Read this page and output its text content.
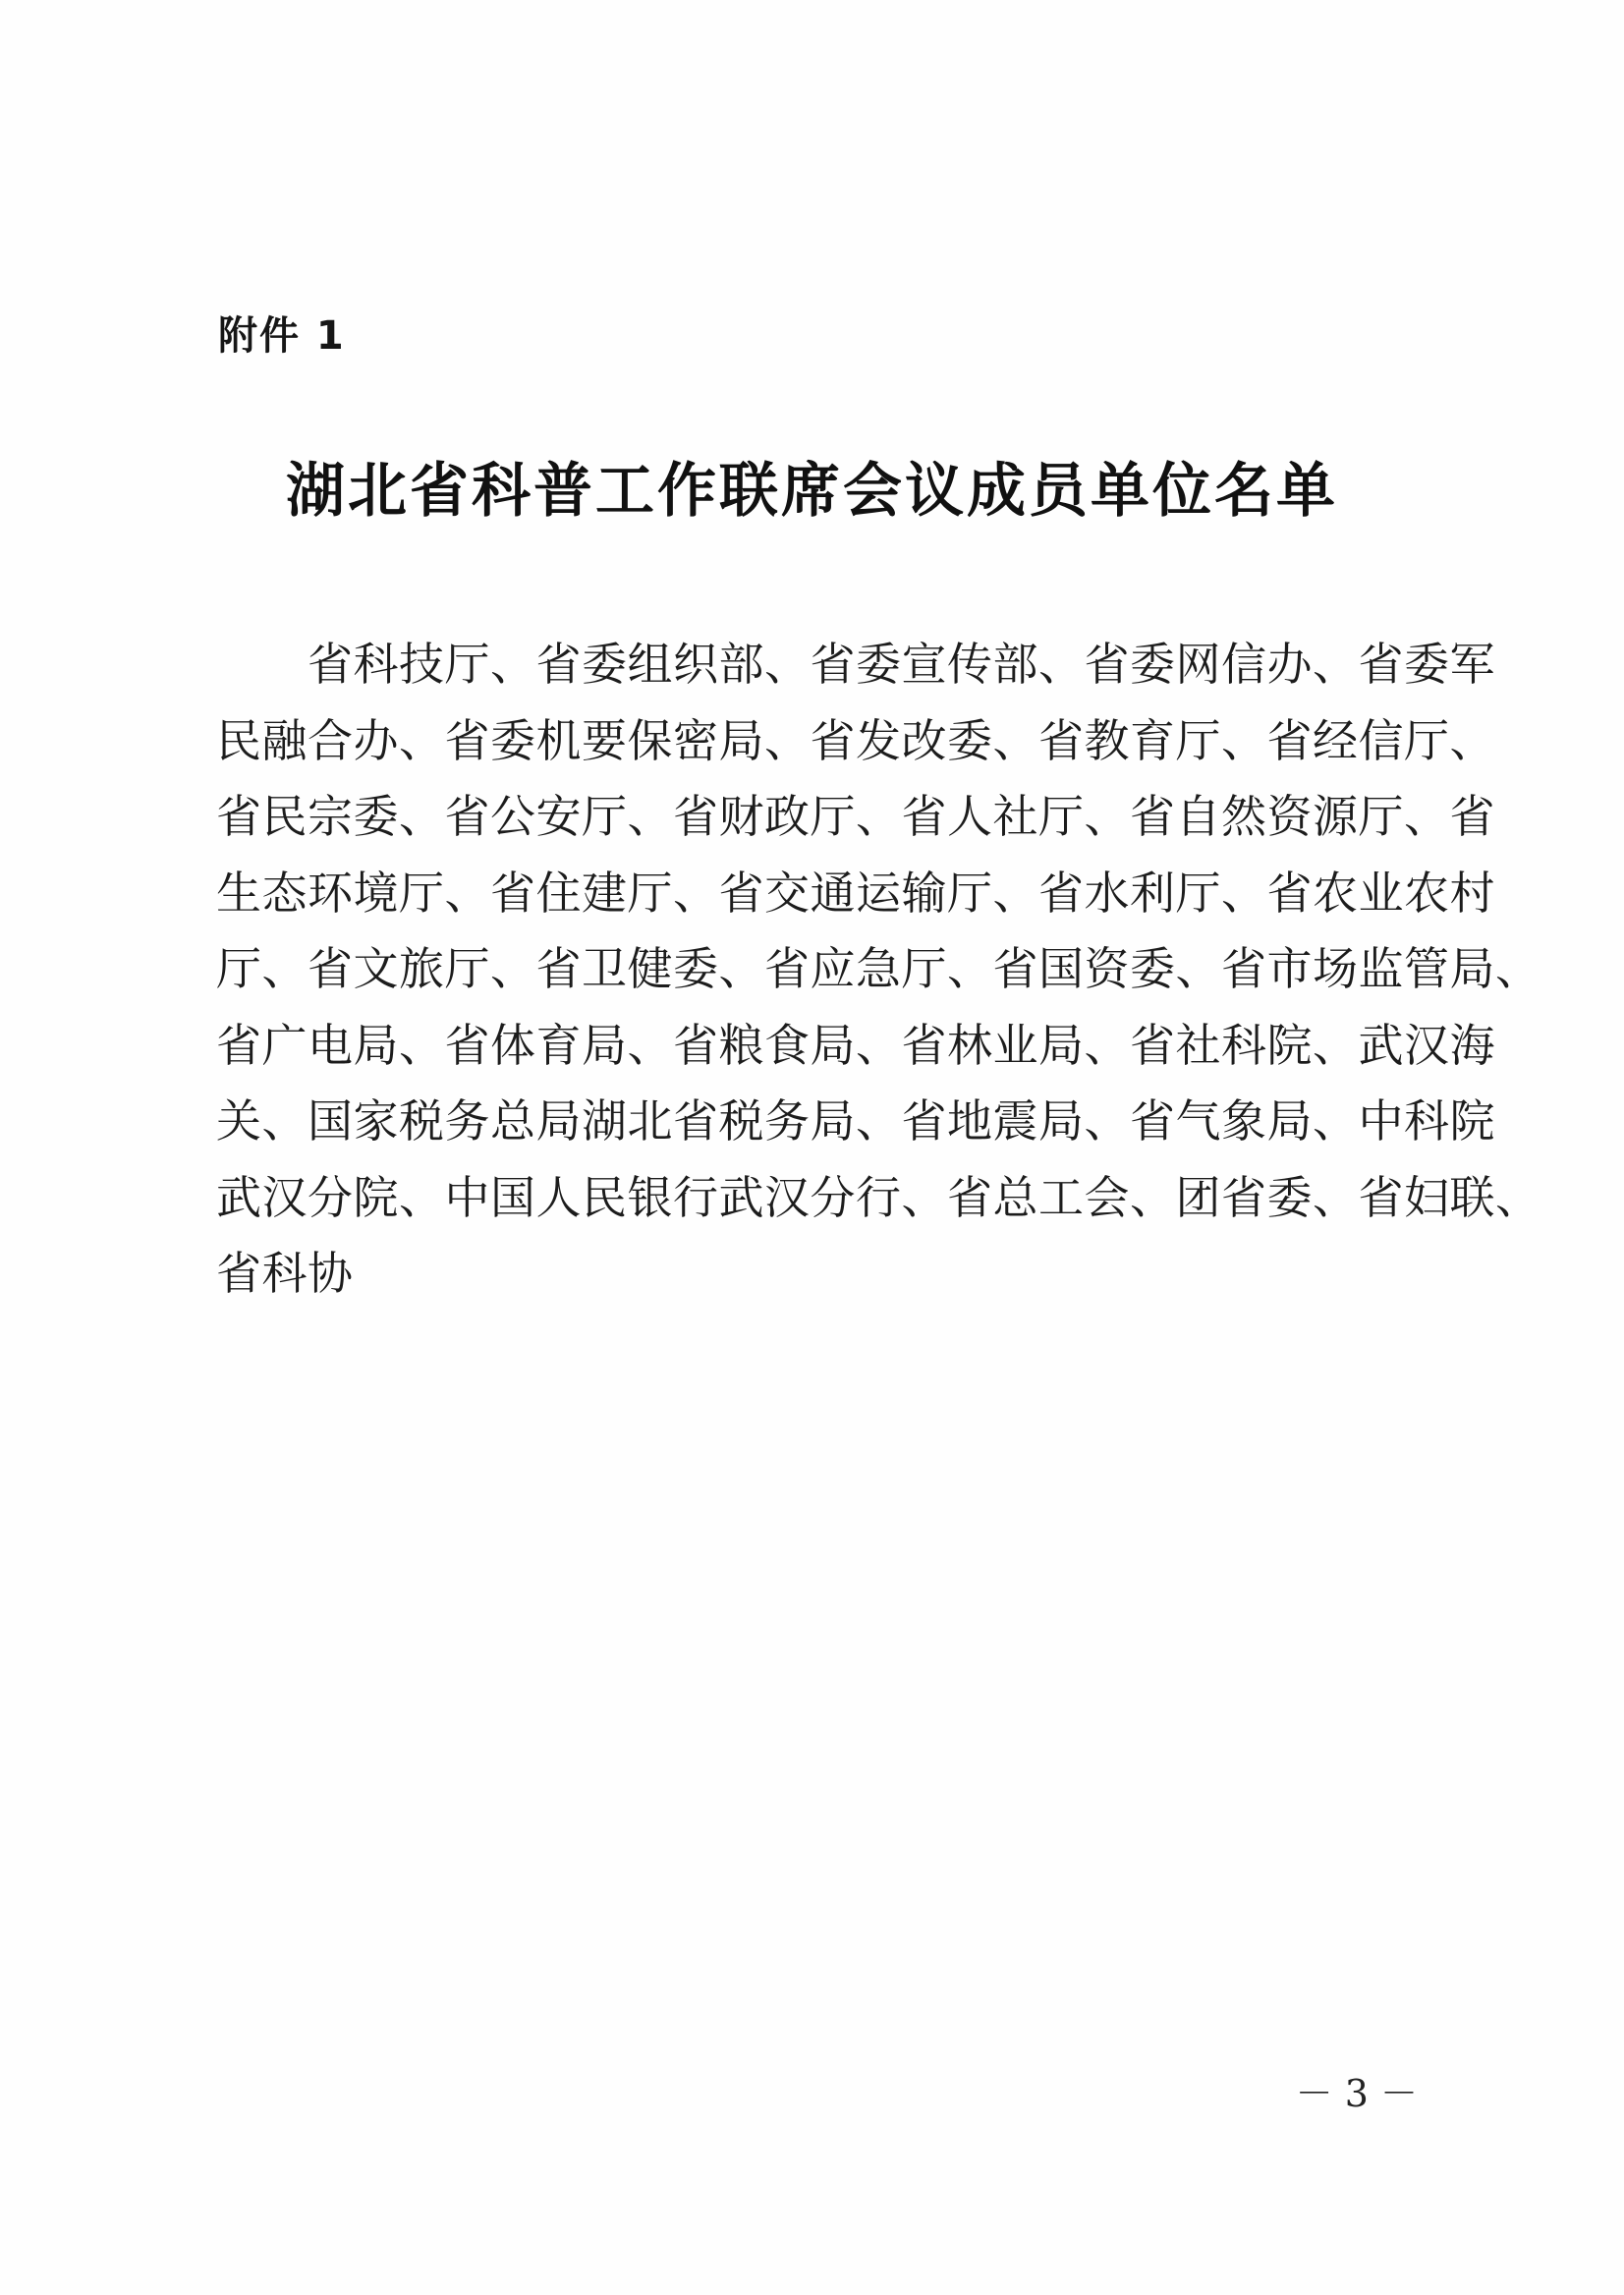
附件 1

湖北省科普工作联席会议成员单位名单
　　省科技厅、省委组织部、省委宣传部、省委网信办、省委军
民融合办、省委机要保密局、省发改委、省教育厅、省经信厅、
省民宗委、省公安厅、省财政厅、省人社厅、省自然资源厅、省
生态环境厅、省住建厅、省交通运输厅、省水利厅、省农业农村
厅、省文旅厅、省卫健委、省应急厅、省国资委、省市场监管局、
省广电局、省体育局、省粮食局、省林业局、省社科院、武汉海
关、国家税务总局湖北省税务局、省地震局、省气象局、中科院
武汉分院、中国人民银行武汉分行、省总工会、团省委、省妇联、
省科协

－ 3 －
